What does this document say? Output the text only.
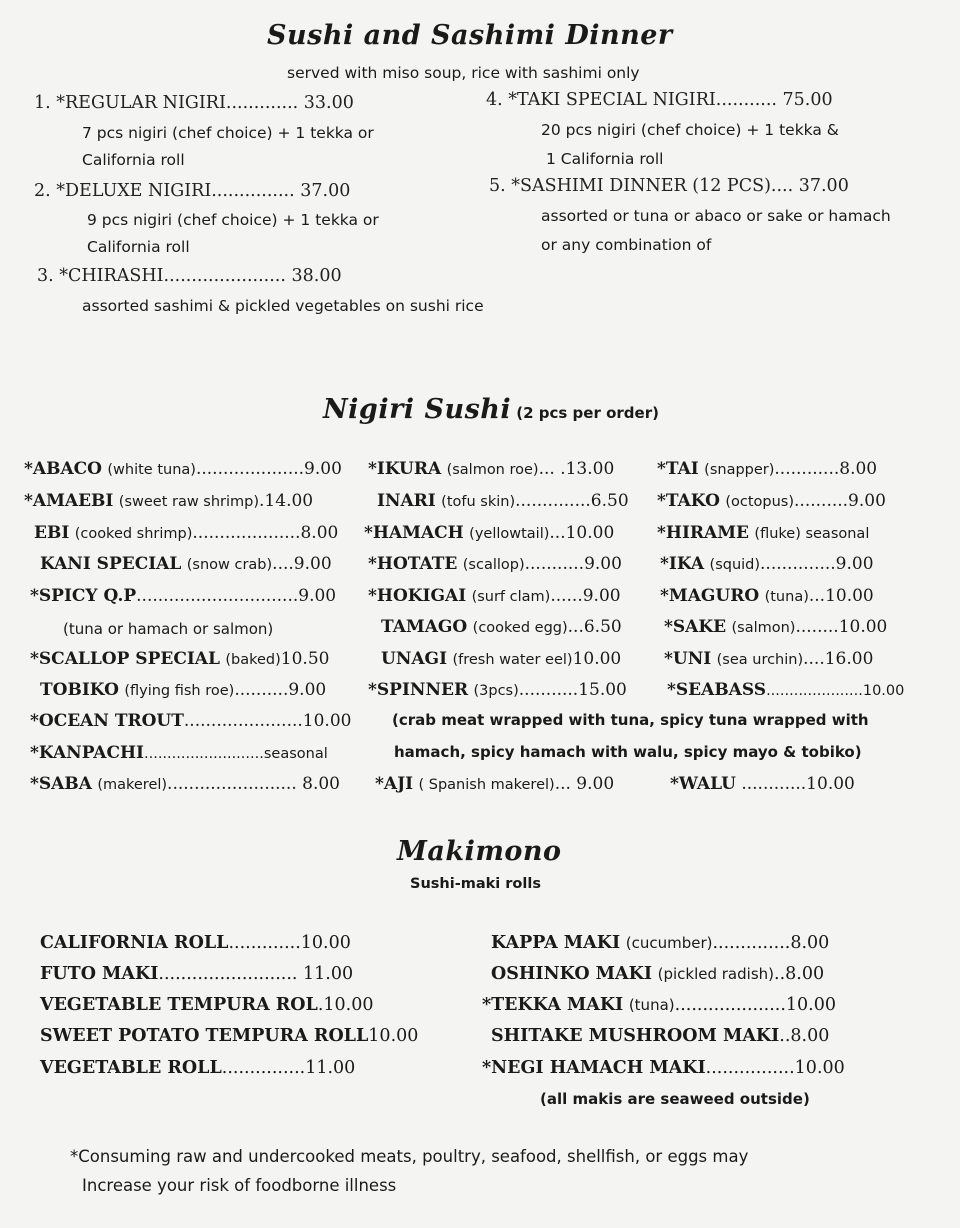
Sushi and Sashimi Dinner
served with miso soup, rice with sashimi only
1. *REGULAR NIGIRI............. 33.00
7 pcs nigiri (chef choice) + 1 tekka or
California roll
2. *DELUXE NIGIRI............... 37.00
9 pcs nigiri (chef choice) + 1 tekka or
California roll
3. *CHIRASHI...................... 38.00
assorted sashimi & pickled vegetables on sushi rice
4. *TAKI SPECIAL NIGIRI........... 75.00
20 pcs nigiri (chef choice) + 1 tekka &
1 California roll
5. *SASHIMI DINNER (12 PCS).... 37.00
assorted or tuna or abaco or sake or hamach
or any combination of
Nigiri Sushi (2 pcs per order)
*ABACO (white tuna)....................9.00
*AMAEBI (sweet raw shrimp).14.00
EBI (cooked shrimp)....................8.00
KANI SPECIAL (snow crab)....9.00
*SPICY Q.P..............................9.00
(tuna or hamach or salmon)
*SCALLOP SPECIAL (baked)10.50
TOBIKO (flying fish roe)..........9.00
*OCEAN TROUT......................10.00
*KANPACHI..........................seasonal
*SABA (makerel)........................ 8.00
*IKURA (salmon roe)... .13.00
INARI (tofu skin)..............6.50
*HAMACH (yellowtail)...10.00
*HOTATE (scallop)...........9.00
*HOKIGAI (surf clam)......9.00
TAMAGO (cooked egg)...6.50
UNAGI (fresh water eel)10.00
*SPINNER (3pcs)...........15.00
(crab meat wrapped with tuna, spicy tuna wrapped with
hamach, spicy hamach with walu, spicy mayo & tobiko)
*AJI ( Spanish makerel)... 9.00
*TAI (snapper)............8.00
*TAKO (octopus)..........9.00
*HIRAME (fluke) seasonal
*IKA (squid)..............9.00
*MAGURO (tuna)...10.00
*SAKE (salmon)........10.00
*UNI (sea urchin)....16.00
*SEABASS.....................10.00
*WALU ............10.00
Makimono
Sushi-maki rolls
CALIFORNIA ROLL.............10.00
FUTO MAKI......................... 11.00
VEGETABLE TEMPURA ROL.10.00
SWEET POTATO TEMPURA ROLL10.00
VEGETABLE ROLL...............11.00
KAPPA MAKI (cucumber)..............8.00
OSHINKO MAKI (pickled radish)..8.00
*TEKKA MAKI (tuna)....................10.00
SHITAKE MUSHROOM MAKI..8.00
*NEGI HAMACH MAKI................10.00
(all makis are seaweed outside)
*Consuming raw and undercooked meats, poultry, seafood, shellfish, or eggs may
Increase your risk of foodborne illness
